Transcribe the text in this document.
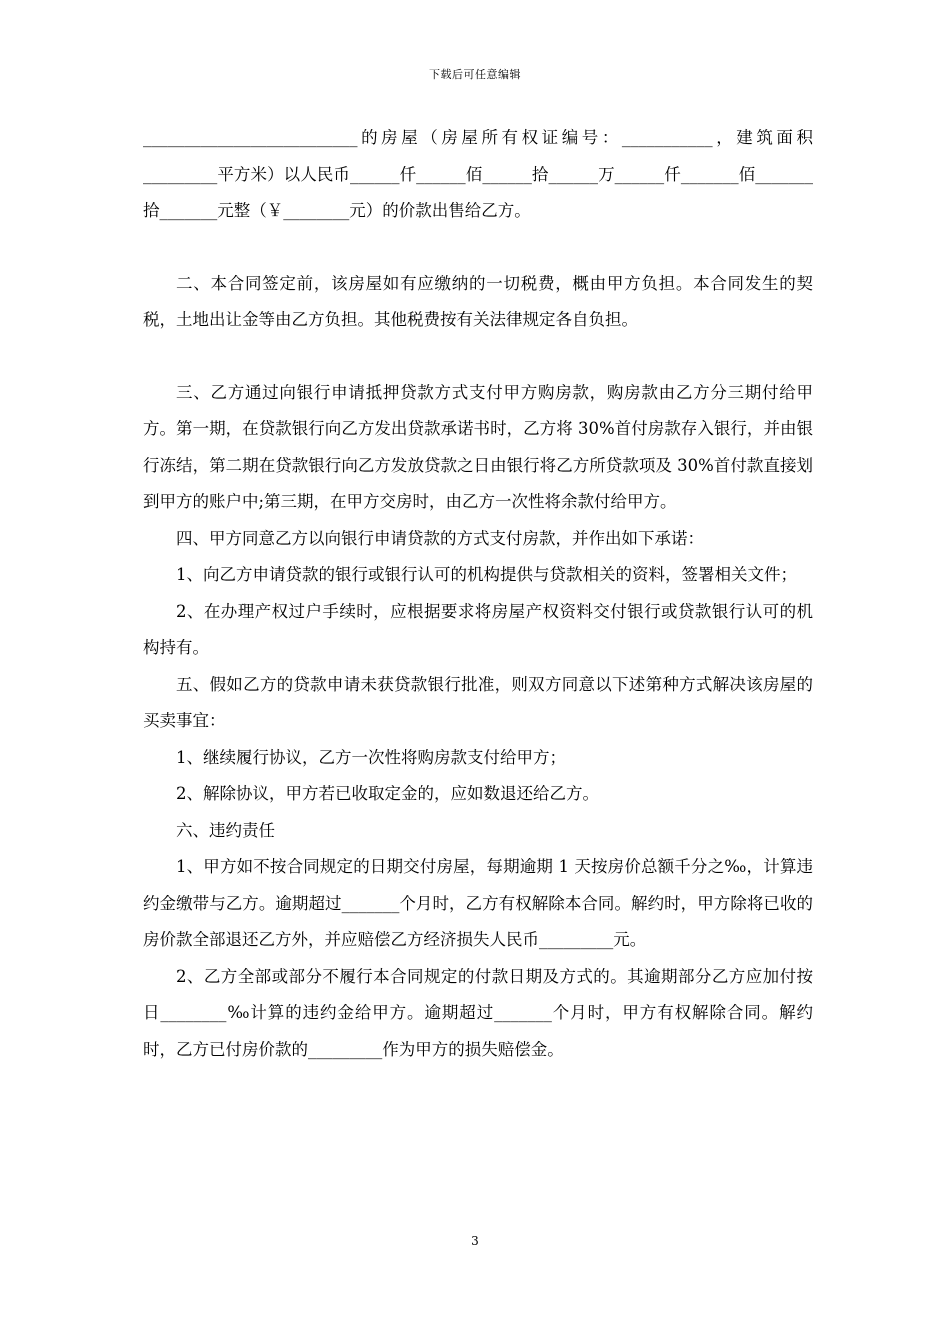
下载后可任意编辑

__________________________的房屋（房屋所有权证编号：___________，建筑面积_________平方米）以人民币______仟______佰______拾______万______仟_______佰_______拾_______元整（￥________元）的价款出售给乙方。

二、本合同签定前，该房屋如有应缴纳的一切税费，概由甲方负担。本合同发生的契税，土地出让金等由乙方负担。其他税费按有关法律规定各自负担。

三、乙方通过向银行申请抵押贷款方式支付甲方购房款，购房款由乙方分三期付给甲方。第一期，在贷款银行向乙方发出贷款承诺书时，乙方将 30%首付房款存入银行，并由银行冻结，第二期在贷款银行向乙方发放贷款之日由银行将乙方所贷款项及 30%首付款直接划到甲方的账户中;第三期，在甲方交房时，由乙方一次性将余款付给甲方。

四、甲方同意乙方以向银行申请贷款的方式支付房款，并作出如下承诺：

1、向乙方申请贷款的银行或银行认可的机构提供与贷款相关的资料，签署相关文件；

2、在办理产权过户手续时，应根据要求将房屋产权资料交付银行或贷款银行认可的机构持有。

五、假如乙方的贷款申请未获贷款银行批准，则双方同意以下述第种方式解决该房屋的买卖事宜：

1、继续履行协议，乙方一次性将购房款支付给甲方；

2、解除协议，甲方若已收取定金的，应如数退还给乙方。

六、违约责任

1、甲方如不按合同规定的日期交付房屋，每期逾期 1 天按房价总额千分之‰，计算违约金缴带与乙方。逾期超过_______个月时，乙方有权解除本合同。解约时，甲方除将已收的房价款全部退还乙方外，并应赔偿乙方经济损失人民币_________元。

2、乙方全部或部分不履行本合同规定的付款日期及方式的。其逾期部分乙方应加付按日________‰计算的违约金给甲方。逾期超过_______个月时，甲方有权解除合同。解约时，乙方已付房价款的_________作为甲方的损失赔偿金。

3
